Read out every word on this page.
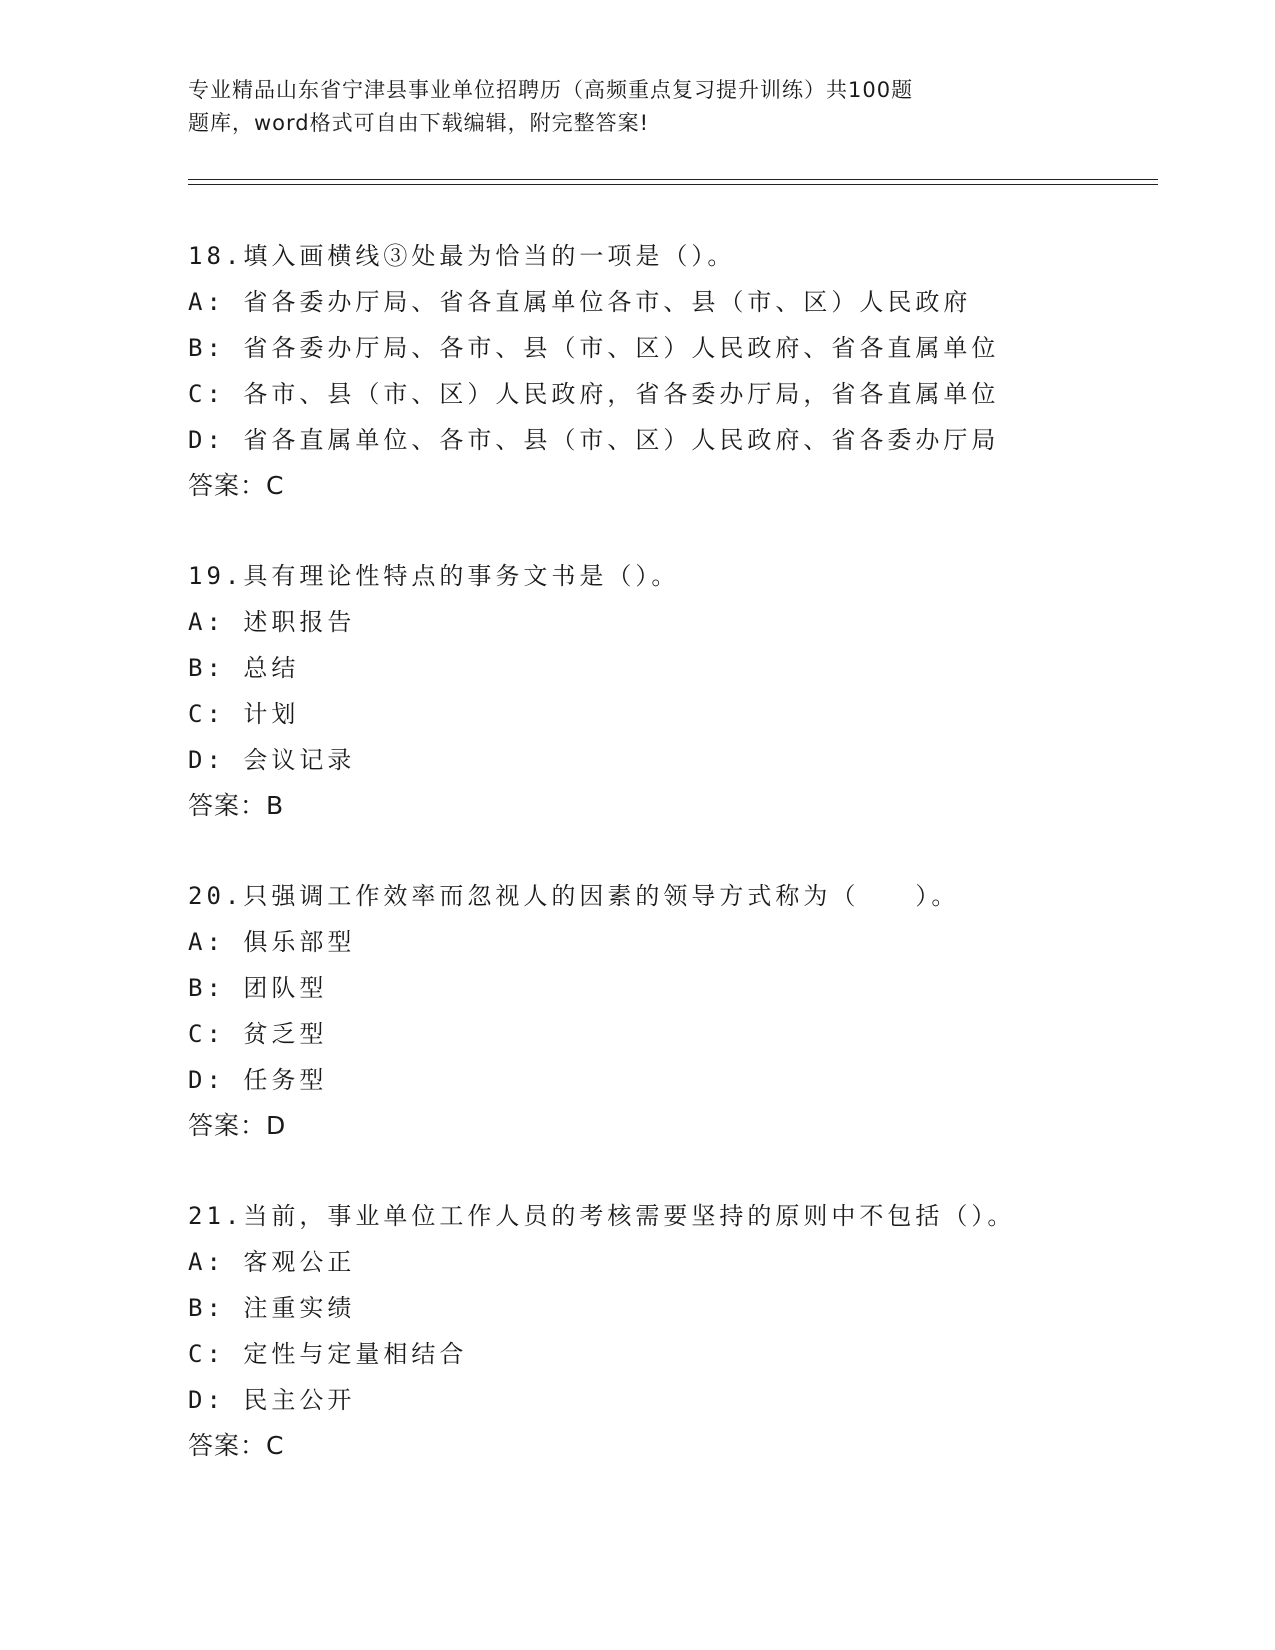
专业精品山东省宁津县事业单位招聘历（高频重点复习提升训练）共100题
题库，word格式可自由下载编辑，附完整答案!
18.填入画横线③处最为恰当的一项是（）。
A: 省各委办厅局、省各直属单位各市、县（市、区）人民政府
B: 省各委办厅局、各市、县（市、区）人民政府、省各直属单位
C: 各市、县（市、区）人民政府，省各委办厅局，省各直属单位
D: 省各直属单位、各市、县（市、区）人民政府、省各委办厅局
答案：C
19.具有理论性特点的事务文书是（）。
A: 述职报告
B: 总结
C: 计划
D: 会议记录
答案：B
20.只强调工作效率而忽视人的因素的领导方式称为（　　）。
A: 俱乐部型
B: 团队型
C: 贫乏型
D: 任务型
答案：D
21.当前，事业单位工作人员的考核需要坚持的原则中不包括（）。
A: 客观公正
B: 注重实绩
C: 定性与定量相结合
D: 民主公开
答案：C
